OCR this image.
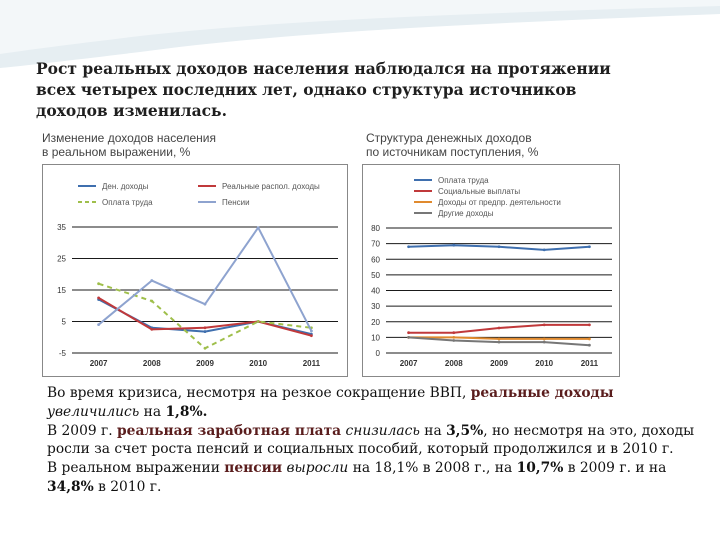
Рост реальных доходов населения наблюдался на протяжении
всех четырех последних лет, однако структура источников
доходов изменилась.
Изменение доходов населения
в реальном выражении, %
Структура денежных доходов
по источникам поступления, %
-5
5
15
25
35
2007	2008	2009	2010	2011
Ден. доходы	Реальные распол. доходы
Оплата труда	Пенсии
0
10
20
30
40
50
60
70
80
2007	2008	2009	2010	2011
Оплата труда
Социальные выплаты
Доходы от предпр. деятельности
Другие доходы

Во время кризиса, несмотря на резкое сокращение ВВП, реальные доходы
увеличились на 1,8%.

В 2009 г. реальная заработная плата снизилась на 3,5%, но несмотря на это, доходы росли за счет роста пенсий и социальных пособий, который продолжился и в 2010 г.

В реальном выражении пенсии выросли на 18,1% в 2008 г., на 10,7% в 2009 г. и на 34,8% в 2010 г.
